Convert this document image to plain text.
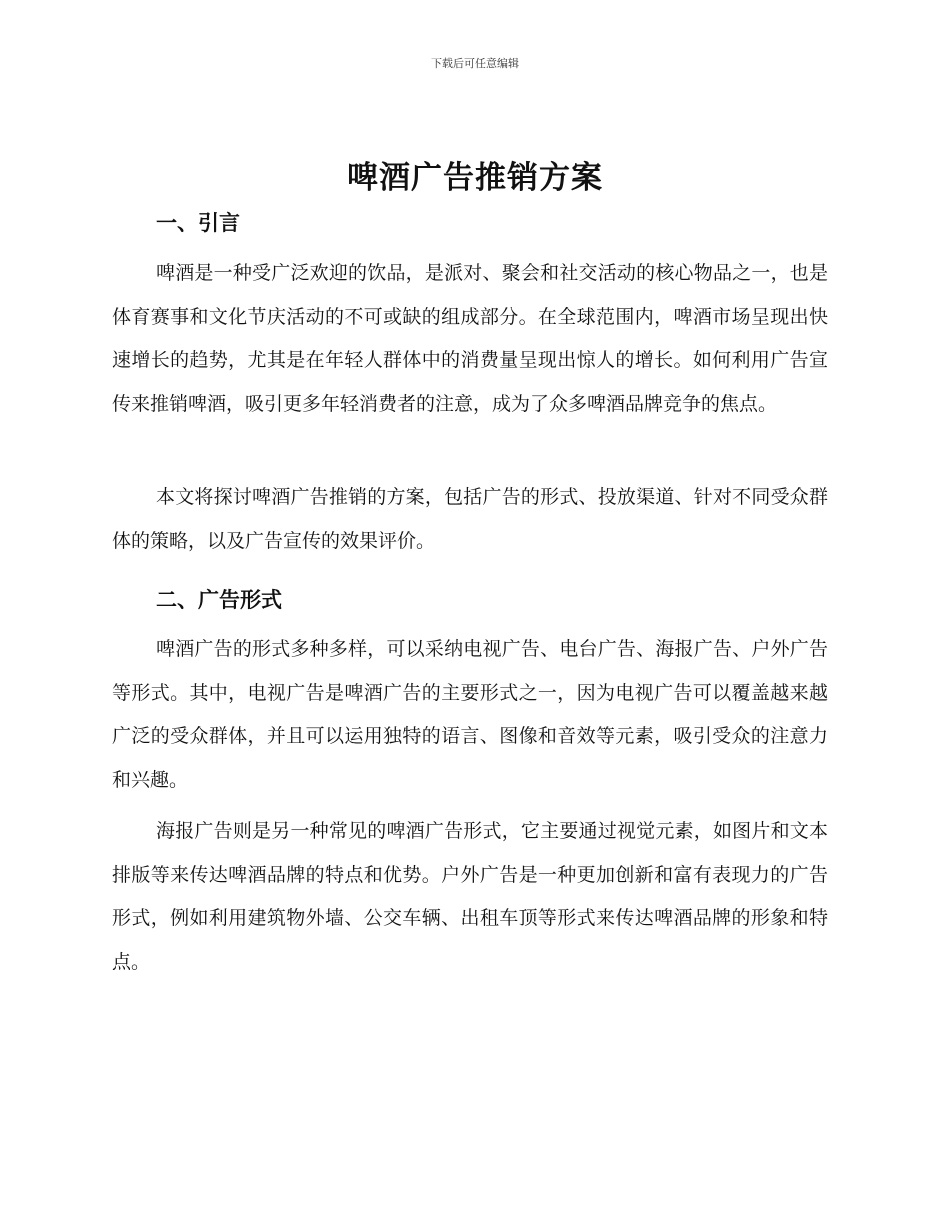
下载后可任意编辑
啤酒广告推销方案
一、引言

啤酒是一种受广泛欢迎的饮品，是派对、聚会和社交活动的核心物品之一，也是体育赛事和文化节庆活动的不可或缺的组成部分。在全球范围内，啤酒市场呈现出快速增长的趋势，尤其是在年轻人群体中的消费量呈现出惊人的增长。如何利用广告宣传来推销啤酒，吸引更多年轻消费者的注意，成为了众多啤酒品牌竞争的焦点。

本文将探讨啤酒广告推销的方案，包括广告的形式、投放渠道、针对不同受众群体的策略，以及广告宣传的效果评价。

二、广告形式

啤酒广告的形式多种多样，可以采纳电视广告、电台广告、海报广告、户外广告等形式。其中，电视广告是啤酒广告的主要形式之一，因为电视广告可以覆盖越来越广泛的受众群体，并且可以运用独特的语言、图像和音效等元素，吸引受众的注意力和兴趣。

海报广告则是另一种常见的啤酒广告形式，它主要通过视觉元素，如图片和文本排版等来传达啤酒品牌的特点和优势。户外广告是一种更加创新和富有表现力的广告形式，例如利用建筑物外墙、公交车辆、出租车顶等形式来传达啤酒品牌的形象和特点。
